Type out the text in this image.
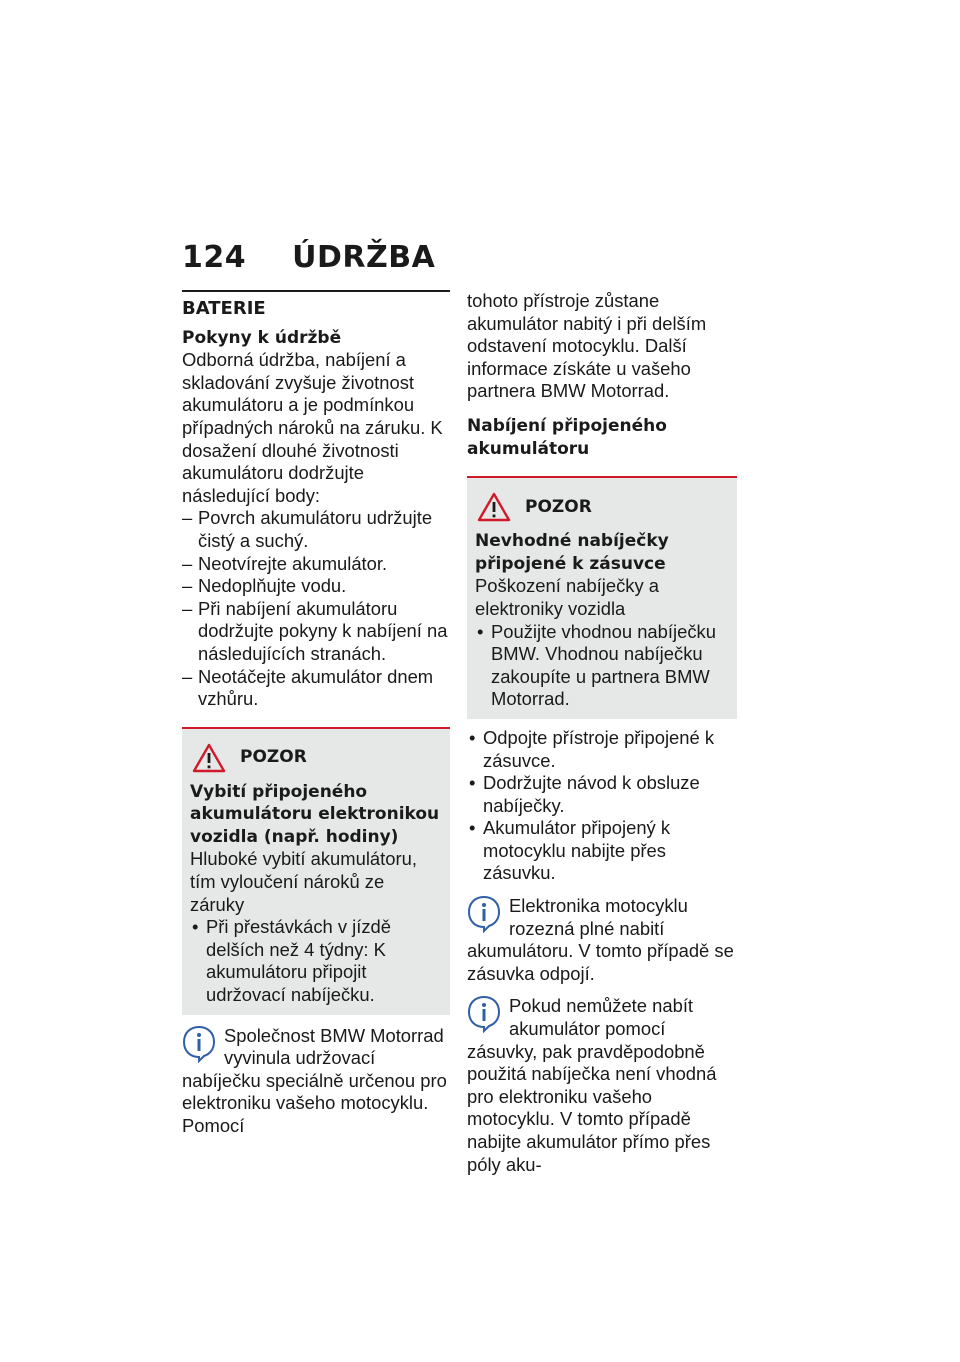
124 ÚDRŽBA
BATERIE
Pokyny k údržbě

Odborná údržba, nabíjení a skladování zvyšuje životnost akumulátoru a je podmínkou případných nároků na záruku. K dosažení dlouhé životnosti akumulátoru dodržujte následující body:

– Povrch akumulátoru udržujte čistý a suchý.
– Neotvírejte akumulátor.
– Nedoplňujte vodu.
– Při nabíjení akumulátoru dodržujte pokyny k nabíjení na následujících stranách.
– Neotáčejte akumulátor dnem vzhůru.
POZOR
Vybití připojeného akumulátoru elektronikou vozidla (např. hodiny)

Hluboké vybití akumulátoru, tím vyloučení nároků ze záruky

• Při přestávkách v jízdě delších než 4 týdny: K akumulátoru připojit udržovací nabíječku.

Společnost BMW Motorrad vyvinula udržovací nabíječku speciálně určenou pro elektroniku vašeho motocyklu. Pomocí

tohoto přístroje zůstane akumulátor nabitý i při delším odstavení motocyklu. Další informace získáte u vašeho partnera BMW Motorrad.

Nabíjení připojeného akumulátoru
POZOR
Nevhodné nabíječky připojené k zásuvce

Poškození nabíječky a elektroniky vozidla

• Použijte vhodnou nabíječku BMW. Vhodnou nabíječku zakoupíte u partnera BMW Motorrad.
• Odpojte přístroje připojené k zásuvce.
• Dodržujte návod k obsluze nabíječky.
• Akumulátor připojený k motocyklu nabijte přes zásuvku.

Elektronika motocyklu rozezná plné nabití akumulátoru. V tomto případě se zásuvka odpojí.

Pokud nemůžete nabít akumulátor pomocí zásuvky, pak pravděpodobně použitá nabíječka není vhodná pro elektroniku vašeho motocyklu. V tomto případě nabijte akumulátor přímo přes póly aku-
